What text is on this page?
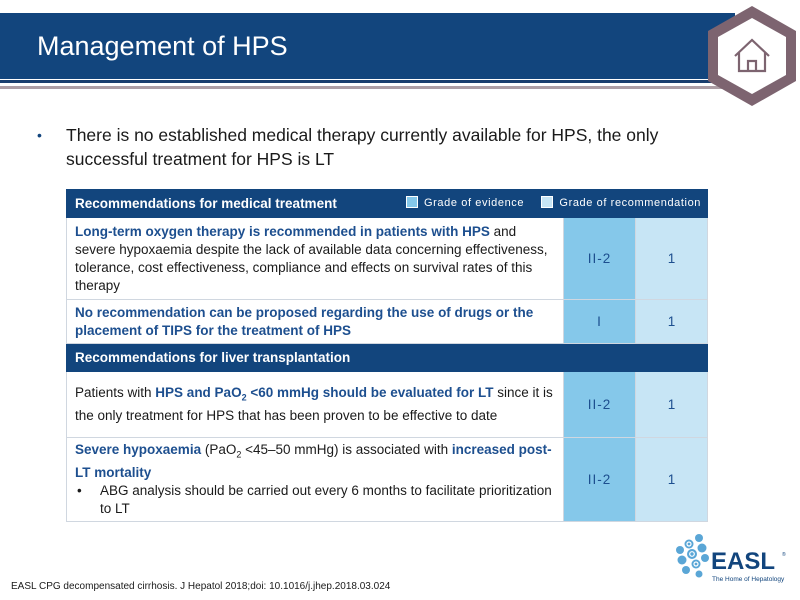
Management of HPS
• There is no established medical therapy currently available for HPS, the only successful treatment for HPS is LT
Recommendations for medical treatment Grade of evidence Grade of recommendation		

Long-term oxygen therapy is recommended in patients with HPS and severe hypoxaemia despite the lack of available data concerning effectiveness, tolerance, cost effectiveness, compliance and effects on survival rates of this therapy	II-2	1
No recommendation can be proposed regarding the use of drugs or the placement of TIPS for the treatment of HPS	I	1
Recommendations for liver transplantation		
Patients with HPS and PaO$_2$ <60 mmHg should be evaluated for LT since it is the only treatment for HPS that has been proven to be effective to date	II-2	1

Severe hypoxaemia (PaO$_2$ <45–50 mmHg) is associated with increased post-LT mortality
• ABG analysis should be carried out every 6 months to facilitate prioritization to LT	II-2	1
EASL CPG decompensated cirrhosis. J Hepatol 2018;doi: 10.1016/j.jhep.2018.03.024
EASL ®
The Home of Hepatology
